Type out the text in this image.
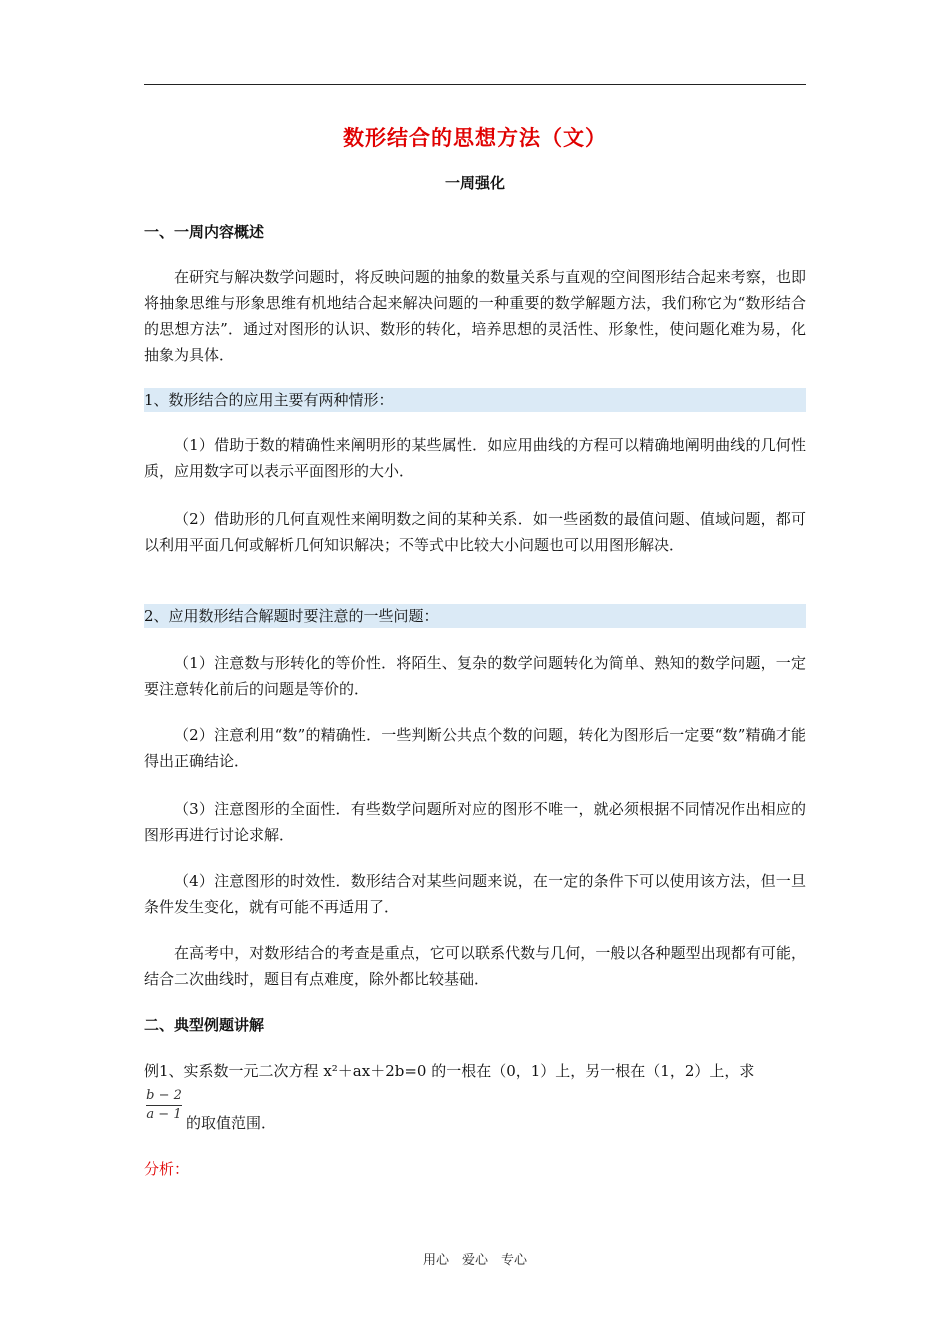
数形结合的思想方法（文）
一周强化
一、一周内容概述
在研究与解决数学问题时，将反映问题的抽象的数量关系与直观的空间图形结合起来考察，也即将抽象思维与形象思维有机地结合起来解决问题的一种重要的数学解题方法，我们称它为“数形结合的思想方法”．通过对图形的认识、数形的转化，培养思想的灵活性、形象性，使问题化难为易，化抽象为具体．
1、数形结合的应用主要有两种情形：
（1）借助于数的精确性来阐明形的某些属性．如应用曲线的方程可以精确地阐明曲线的几何性质，应用数字可以表示平面图形的大小．
（2）借助形的几何直观性来阐明数之间的某种关系．如一些函数的最值问题、值域问题，都可以利用平面几何或解析几何知识解决；不等式中比较大小问题也可以用图形解决．
2、应用数形结合解题时要注意的一些问题：
（1）注意数与形转化的等价性．将陌生、复杂的数学问题转化为简单、熟知的数学问题，一定要注意转化前后的问题是等价的．
（2）注意利用“数”的精确性．一些判断公共点个数的问题，转化为图形后一定要“数”精确才能得出正确结论．
（3）注意图形的全面性．有些数学问题所对应的图形不唯一，就必须根据不同情况作出相应的图形再进行讨论求解．
（4）注意图形的时效性．数形结合对某些问题来说，在一定的条件下可以使用该方法，但一旦条件发生变化，就有可能不再适用了．
在高考中，对数形结合的考查是重点，它可以联系代数与几何，一般以各种题型出现都有可能，结合二次曲线时，题目有点难度，除外都比较基础．
二、典型例题讲解
例1、实系数一元二次方程 x²＋ax＋2b=0 的一根在（0，1）上，另一根在（1，2）上，求
b − 2
a − 1 的取值范围．
分析：
用心　爱心　专心
